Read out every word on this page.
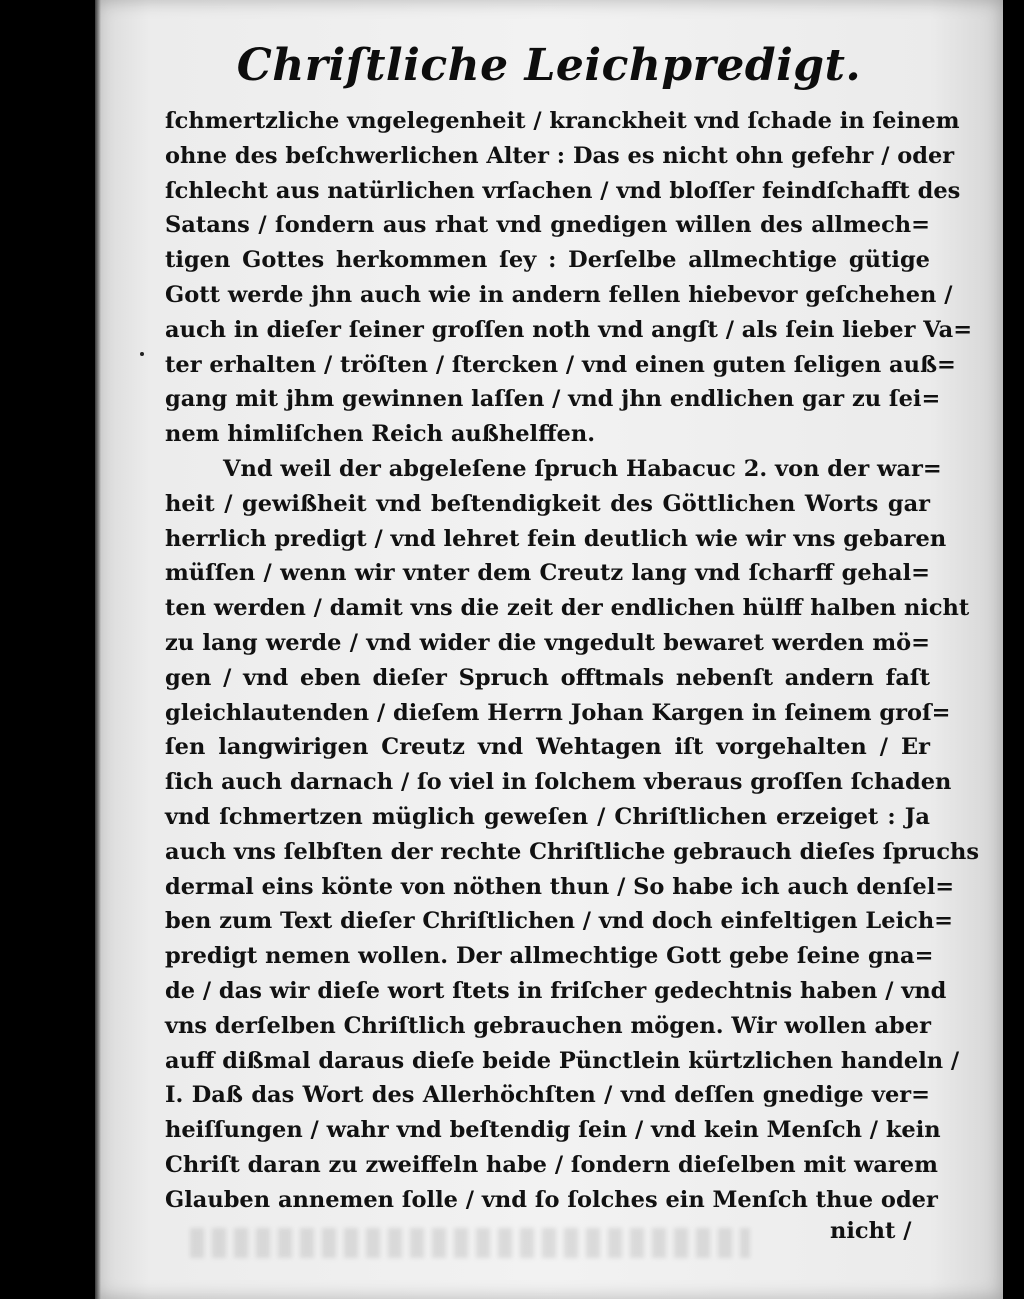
Chriſtliche Leichpredigt.
ſchmertzliche vngelegenheit / kranckheit vnd ſchade in ſeinem
ohne des beſchwerlichen Alter : Das es nicht ohn gefehr / oder
ſchlecht aus natürlichen vrſachen / vnd bloſſer feindſchafft des
Satans / ſondern aus rhat vnd gnedigen willen des allmech=
tigen Gottes herkommen ſey : Derſelbe allmechtige gütige
Gott werde jhn auch wie in andern fellen hiebevor geſchehen /
auch in dieſer ſeiner groſſen noth vnd angſt / als ſein lieber Va=
ter erhalten / tröſten / ſtercken / vnd einen guten ſeligen auß=
gang mit jhm gewinnen laſſen / vnd jhn endlichen gar zu ſei=
nem himliſchen Reich außhelffen.
Vnd weil der abgeleſene ſpruch Habacuc 2. von der war=
heit / gewißheit vnd beſtendigkeit des Göttlichen Worts gar
herrlich predigt / vnd lehret fein deutlich wie wir vns gebaren
müſſen / wenn wir vnter dem Creutz lang vnd ſcharff gehal=
ten werden / damit vns die zeit der endlichen hülff halben nicht
zu lang werde / vnd wider die vngedult bewaret werden mö=
gen / vnd eben dieſer Spruch offtmals nebenſt andern faſt
gleichlautenden / dieſem Herrn Johan Kargen in ſeinem groſ=
ſen langwirigen Creutz vnd Wehtagen iſt vorgehalten / Er
ſich auch darnach / ſo viel in ſolchem vberaus groſſen ſchaden
vnd ſchmertzen müglich geweſen / Chriſtlichen erzeiget : Ja
auch vns ſelbſten der rechte Chriſtliche gebrauch dieſes ſpruchs
dermal eins könte von nöthen thun / So habe ich auch denſel=
ben zum Text dieſer Chriſtlichen / vnd doch einfeltigen Leich=
predigt nemen wollen. Der allmechtige Gott gebe ſeine gna=
de / das wir dieſe wort ſtets in friſcher gedechtnis haben / vnd
vns derſelben Chriſtlich gebrauchen mögen. Wir wollen aber
auff dißmal daraus dieſe beide Pünctlein kürtzlichen handeln /
I. Daß das Wort des Allerhöchſten / vnd deſſen gnedige ver=
heiſſungen / wahr vnd beſtendig ſein / vnd kein Menſch / kein
Chriſt daran zu zweiffeln habe / ſondern dieſelben mit warem
Glauben annemen ſolle / vnd ſo ſolches ein Menſch thue oder
nicht /
